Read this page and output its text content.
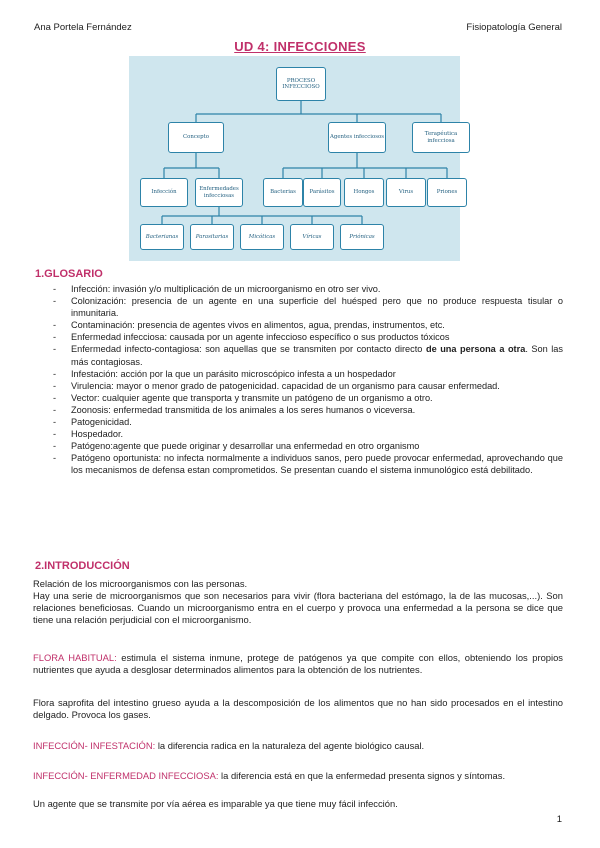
Ana Portela Fernández	Fisiopatología General
UD 4: INFECCIONES
PROCESO INFECCIOSO
Concepto	Agentes infecciosos
Terapéutica infecciosa
Infección
Enfermedades infecciosas
Bacterias	Parásitos	Hongos	Virus	Priones
Bacterianas	Parasitarias	Micóticas	Víricas	Priónicas
1.GLOSARIO
- Infección: invasión y/o multiplicación de un microorganismo en otro ser vivo.
- Colonización: presencia de un agente en una superficie del huésped pero que no produce respuesta tisular o inmunitaria.
- Contaminación: presencia de agentes vivos en alimentos, agua, prendas, instrumentos, etc.
- Enfermedad infecciosa: causada por un agente infeccioso específico o sus productos tóxicos
- Enfermedad infecto-contagiosa: son aquellas que se transmiten por contacto directo de una persona a otra. Son las más contagiosas.
- Infestación: acción por la que un parásito microscópico infesta a un hospedador
- Virulencia: mayor o menor grado de patogenicidad. capacidad de un organismo para causar enfermedad.
- Vector: cualquier agente que transporta y transmite un patógeno de un organismo a otro.
- Zoonosis: enfermedad transmitida de los animales a los seres humanos o viceversa.
- Patogenicidad.
- Hospedador.
- Patógeno:agente que puede originar y desarrollar una enfermedad en otro organismo
- Patógeno oportunista: no infecta normalmente a individuos sanos, pero puede provocar enfermedad, aprovechando que los mecanismos de defensa estan comprometidos. Se presentan cuando el sistema inmunológico está debilitado.
2.INTRODUCCIÓN

Relación de los microorganismos con las personas.

Hay una serie de microorganismos que son necesarios para vivir (flora bacteriana del estómago, la de las mucosas,...). Son relaciones beneficiosas. Cuando un microorganismo entra en el cuerpo y provoca una enfermedad a la persona se dice que tiene una relación perjudicial con el microorganismo.

FLORA HABITUAL: estimula el sistema inmune, protege de patógenos ya que compite con ellos, obteniendo los propios nutrientes que ayuda a desglosar determinados alimentos para la obtención de los nutrientes.

Flora saprofita del intestino grueso ayuda a la descomposición de los alimentos que no han sido procesados en el intestino delgado. Provoca los gases.

INFECCIÓN- INFESTACIÓN: la diferencia radica en la naturaleza del agente biológico causal.

INFECCIÓN- ENFERMEDAD INFECCIOSA: la diferencia está en que la enfermedad presenta signos y síntomas.

Un agente que se transmite por vía aérea es imparable ya que tiene muy fácil infección.

1
